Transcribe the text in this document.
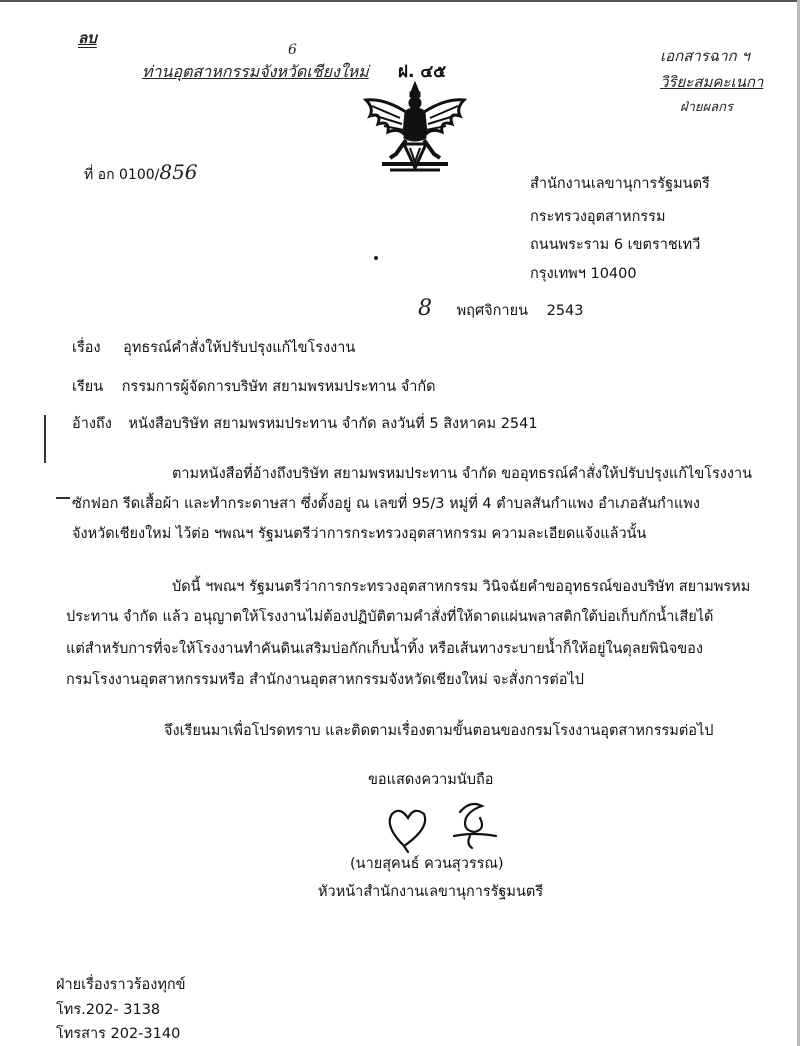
ลบ
ท่านอุตสาหกรรมจังหวัดเชียงใหม่
6	เอกสารฉาก ฯ
วิริยะสมคะเนกา
ฝ่ายผลกร
ฝ. ๔๕
ที่ อก 0100/856	สำนักงานเลขานุการรัฐมนตรี
กระทรวงอุตสาหกรรม
ถนนพระราม 6 เขตราชเทวี
กรุงเทพฯ 10400
8 พฤศจิกายน 2543
เรื่อง อุทธรณ์คำสั่งให้ปรับปรุงแก้ไขโรงงาน
เรียน กรรมการผู้จัดการบริษัท สยามพรหมประทาน จำกัด
อ้างถึง หนังสือบริษัท สยามพรหมประทาน จำกัด ลงวันที่ 5 สิงหาคม 2541
ตามหนังสือที่อ้างถึงบริษัท สยามพรหมประทาน จำกัด ขออุทธรณ์คำสั่งให้ปรับปรุงแก้ไขโรงงาน
ซักฟอก รีดเสื้อผ้า และทำกระดาษสา ซึ่งตั้งอยู่ ณ เลขที่ 95/3 หมู่ที่ 4 ตำบลสันกำแพง อำเภอสันกำแพง
จังหวัดเชียงใหม่ ไว้ต่อ ฯพณฯ รัฐมนตรีว่าการกระทรวงอุตสาหกรรม ความละเอียดแจ้งแล้วนั้น
บัดนี้ ฯพณฯ รัฐมนตรีว่าการกระทรวงอุตสาหกรรม วินิจฉัยคำขออุทธรณ์ของบริษัท สยามพรหม
ประทาน จำกัด แล้ว อนุญาตให้โรงงานไม่ต้องปฏิบัติตามคำสั่งที่ให้ดาดแผ่นพลาสติกใต้บ่อเก็บกักน้ำเสียได้
แต่สำหรับการที่จะให้โรงงานทำคันดินเสริมบ่อกักเก็บน้ำทิ้ง หรือเส้นทางระบายน้ำก็ให้อยู่ในดุลยพินิจของ
กรมโรงงานอุตสาหกรรมหรือ สำนักงานอุตสาหกรรมจังหวัดเชียงใหม่ จะสั่งการต่อไป
จึงเรียนมาเพื่อโปรดทราบ และติดตามเรื่องตามขั้นตอนของกรมโรงงานอุตสาหกรรมต่อไป
ขอแสดงความนับถือ
(นายสุคนธ์ ควนสุวรรณ)
หัวหน้าสำนักงานเลขานุการรัฐมนตรี
ฝ่ายเรื่องราวร้องทุกข์
โทร.202- 3138
โทรสาร 202-3140
